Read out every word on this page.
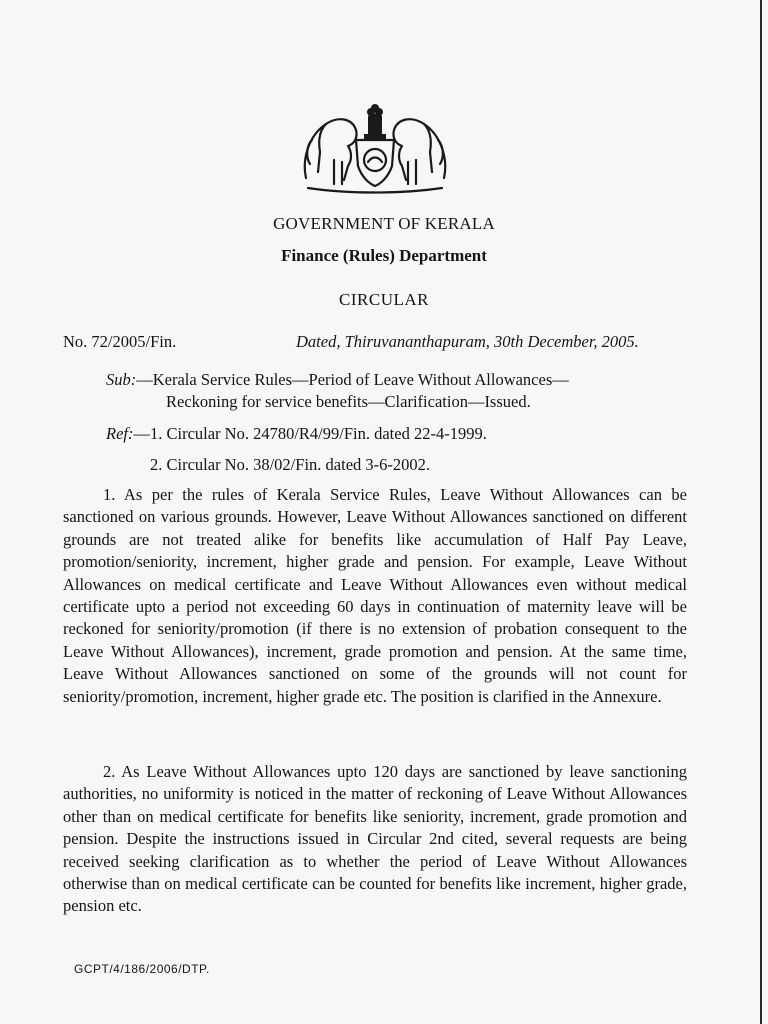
GOVERNMENT OF KERALA
Finance (Rules) Department
CIRCULAR
No. 72/2005/Fin.	Dated, Thiruvananthapuram, 30th December, 2005.
Sub:—Kerala Service Rules—Period of Leave Without Allowances—
Reckoning for service benefits—Clarification—Issued.
Ref:—1. Circular No. 24780/R4/99/Fin. dated 22-4-1999.
2. Circular No. 38/02/Fin. dated 3-6-2002.

1. As per the rules of Kerala Service Rules, Leave Without Allowances can be sanctioned on various grounds. However, Leave Without Allowances sanctioned on different grounds are not treated alike for benefits like accumulation of Half Pay Leave, promotion/seniority, increment, higher grade and pension. For example, Leave Without Allowances on medical certificate and Leave Without Allowances even without medical certificate upto a period not exceeding 60 days in continuation of maternity leave will be reckoned for seniority/promotion (if there is no extension of probation consequent to the Leave Without Allowances), increment, grade promotion and pension. At the same time, Leave Without Allowances sanctioned on some of the grounds will not count for seniority/promotion, increment, higher grade etc. The position is clarified in the Annexure.

2. As Leave Without Allowances upto 120 days are sanctioned by leave sanctioning authorities, no uniformity is noticed in the matter of reckoning of Leave Without Allowances other than on medical certificate for benefits like seniority, increment, grade promotion and pension. Despite the instructions issued in Circular 2nd cited, several requests are being received seeking clarification as to whether the period of Leave Without Allowances otherwise than on medical certificate can be counted for benefits like increment, higher grade, pension etc.

GCPT/4/186/2006/DTP.
